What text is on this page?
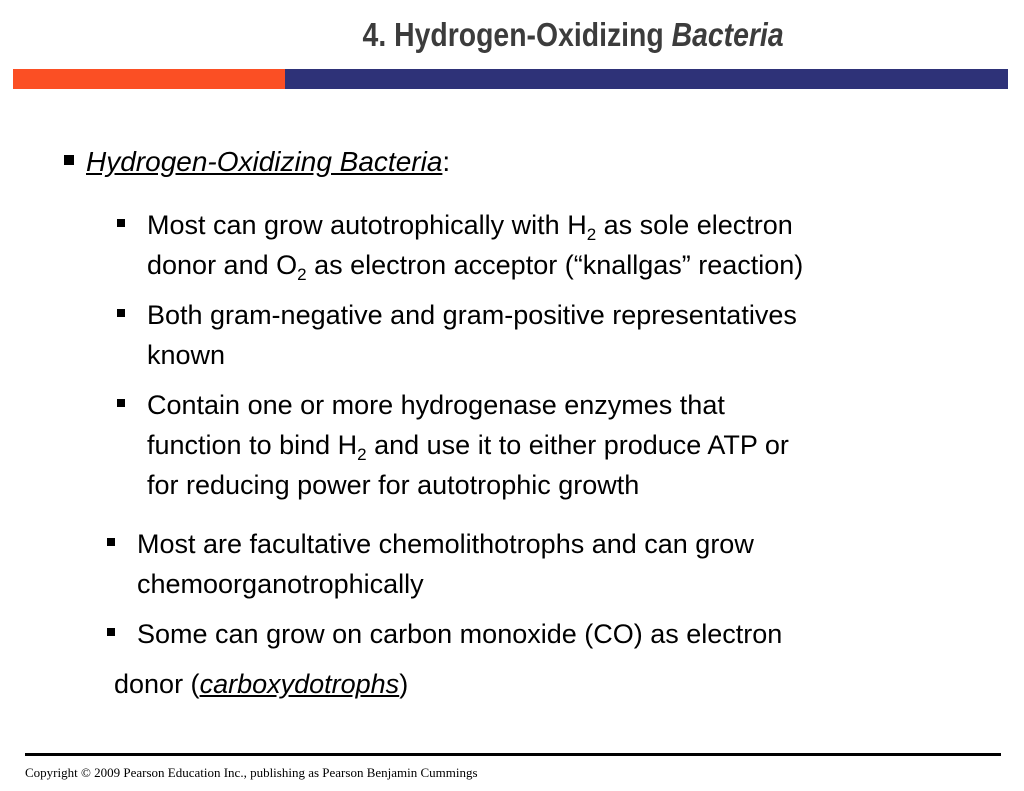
4. Hydrogen-Oxidizing Bacteria
Hydrogen-Oxidizing Bacteria:
Most can grow autotrophically with $H_2$ as sole electron
donor and $O_2$ as electron acceptor (“knallgas” reaction)
Both gram-negative and gram-positive representatives
known
Contain one or more hydrogenase enzymes that
function to bind $H_2$ and use it to either produce ATP or
for reducing power for autotrophic growth
Most are facultative chemolithotrophs and can grow
chemoorganotrophically
Some can grow on carbon monoxide (CO) as electron
donor (carboxydotrophs)
Copyright © 2009 Pearson Education Inc., publishing as Pearson Benjamin Cummings
